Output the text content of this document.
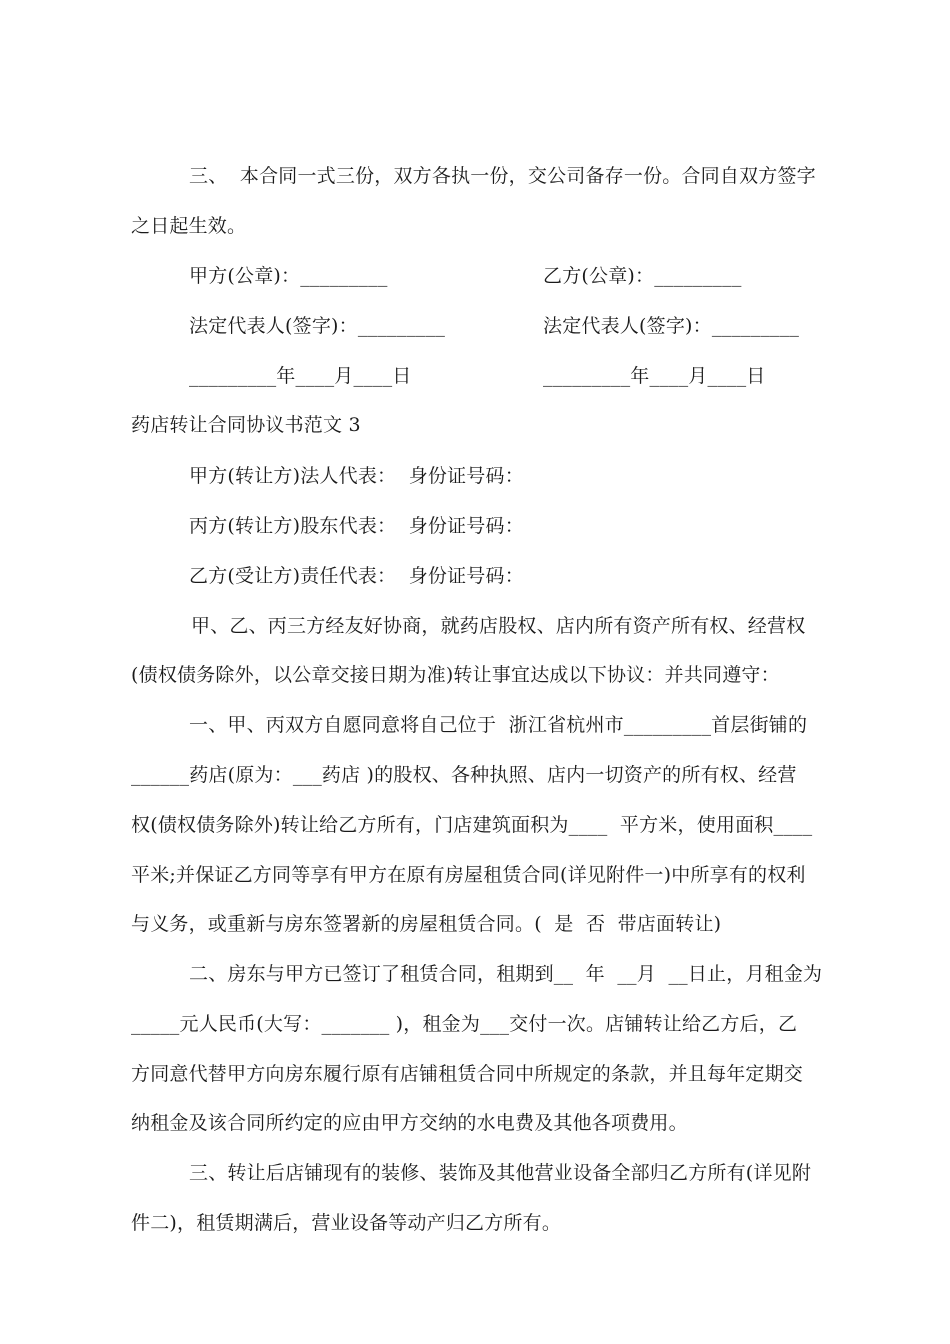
三、  本合同一式三份，双方各执一份，交公司备存一份。合同自双方签字
之日起生效。
甲方(公章)：_________	乙方(公章)：_________
法定代表人(签字)：_________	法定代表人(签字)：_________
_________年____月____日	_________年____月____日
药店转让合同协议书范文 3
甲方(转让方)法人代表：  身份证号码：
丙方(转让方)股东代表：  身份证号码：
乙方(受让方)责任代表：  身份证号码：
甲、乙、丙三方经友好协商，就药店股权、店内所有资产所有权、经营权
(债权债务除外，以公章交接日期为准)转让事宜达成以下协议：并共同遵守：
一、甲、丙双方自愿同意将自己位于  浙江省杭州市_________首层街铺的
______药店(原为：___药店 )的股权、各种执照、店内一切资产的所有权、经营
权(债权债务除外)转让给乙方所有，门店建筑面积为____  平方米，使用面积____
平米;并保证乙方同等享有甲方在原有房屋租赁合同(详见附件一)中所享有的权利
与义务，或重新与房东签署新的房屋租赁合同。(  是  否  带店面转让)
二、房东与甲方已签订了租赁合同，租期到__  年  __月  __日止，月租金为
_____元人民币(大写：_______ )，租金为___交付一次。店铺转让给乙方后，乙
方同意代替甲方向房东履行原有店铺租赁合同中所规定的条款，并且每年定期交
纳租金及该合同所约定的应由甲方交纳的水电费及其他各项费用。
三、转让后店铺现有的装修、装饰及其他营业设备全部归乙方所有(详见附
件二)，租赁期满后，营业设备等动产归乙方所有。
